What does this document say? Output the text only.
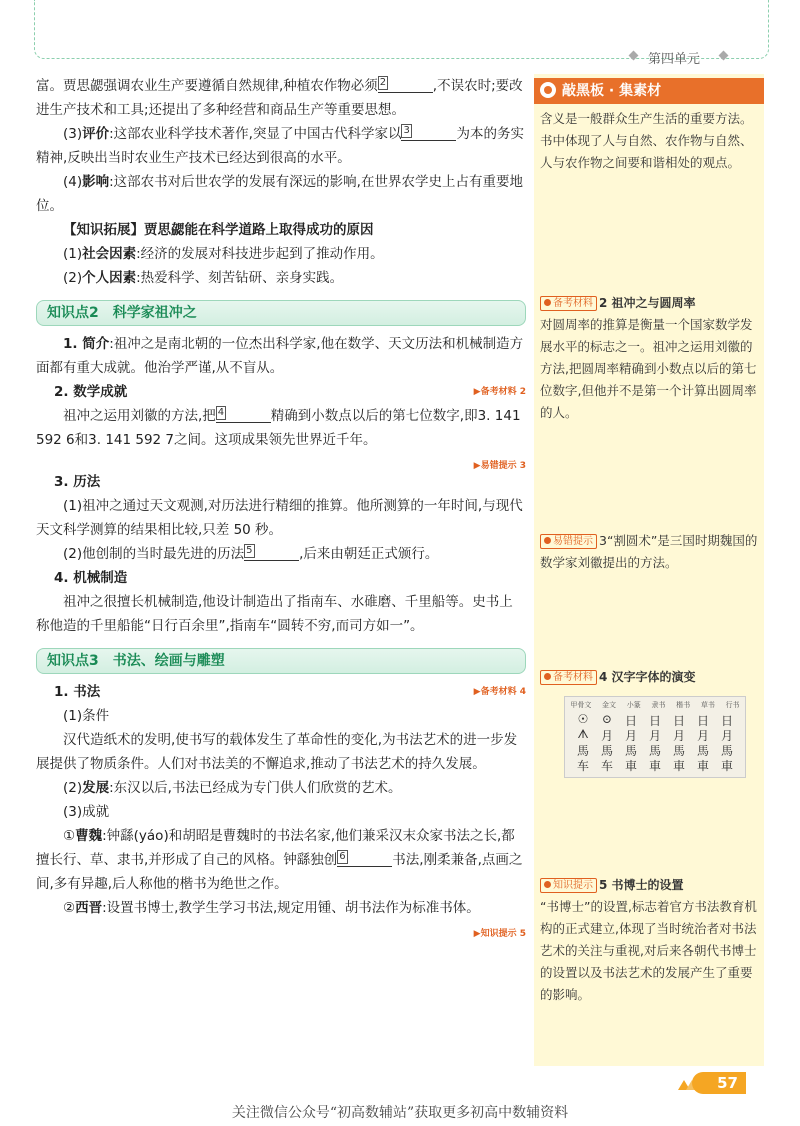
第四单元

富。贾思勰强调农业生产要遵循自然规律,种植农作物必须 2	,不误农时;要改进生产技术和工具;还提出了多种经营和商品生产等重要思想。

(3)评价:这部农业科学技术著作,突显了中国古代科学家以 3	为本的务实精神,反映出当时农业生产技术已经达到很高的水平。

(4)影响:这部农书对后世农学的发展有深远的影响,在世界农学史上占有重要地位。

【知识拓展】贾思勰能在科学道路上取得成功的原因

(1)社会因素:经济的发展对科技进步起到了推动作用。

(2)个人因素:热爱科学、刻苦钻研、亲身实践。

知识点2　科学家祖冲之

1. 简介:祖冲之是南北朝的一位杰出科学家,他在数学、天文历法和机械制造方面都有重大成就。他治学严谨,从不盲从。

2. 数学成就	▶备考材料 2

祖冲之运用刘徽的方法,把 4	精确到小数点以后的第七位数字,即3. 141 592 6和3. 141 592 7之间。这项成果领先世界近千年。

▶易错提示 3

3. 历法

(1)祖冲之通过天文观测,对历法进行精细的推算。他所测算的一年时间,与现代天文科学测算的结果相比较,只差 50 秒。

(2)他创制的当时最先进的历法 5	,后来由朝廷正式颁行。

4. 机械制造

祖冲之很擅长机械制造,他设计制造出了指南车、水碓磨、千里船等。史书上称他造的千里船能“日行百余里”,指南车“圆转不穷,而司方如一”。

知识点3　书法、绘画与雕塑

1. 书法	▶备考材料 4

(1)条件

汉代造纸术的发明,使书写的载体发生了革命性的变化,为书法艺术的进一步发展提供了物质条件。人们对书法美的不懈追求,推动了书法艺术的持久发展。

(2)发展:东汉以后,书法已经成为专门供人们欣赏的艺术。

(3)成就

①曹魏:钟繇(yáo)和胡昭是曹魏时的书法名家,他们兼采汉末众家书法之长,都擅长行、草、隶书,并形成了自己的风格。钟繇独创 6	书法,刚柔兼备,点画之间,多有异趣,后人称他的楷书为绝世之作。

②西晋:设置书博士,教学生学习书法,规定用锺、胡书法作为标准书体。

▶知识提示 5
敲黑板 · 集素材
含义是一般群众生产生活的重要方法。书中体现了人与自然、农作物与自然、人与农作物之间要和谐相处的观点。
备考材料 2 祖冲之与圆周率
对圆周率的推算是衡量一个国家数学发展水平的标志之一。祖冲之运用刘徽的方法,把圆周率精确到小数点以后的第七位数字,但他并不是第一个计算出圆周率的人。
易错提示 3“割圆术”是三国时期魏国的数学家刘徽提出的方法。
备考材料 4 汉字字体的演变
甲骨文 金文 小篆 隶书 楷书 草书 行书
☉	⊙	日 日 日 日 日
ᗑ	月 月 月 月 月 月
馬 馬 馬 馬 馬 馬 馬
车 车 車 車 車 車 車
知识提示 5 书博士的设置
“书博士”的设置,标志着官方书法教育机构的正式建立,体现了当时统治者对书法艺术的关注与重视,对后来各朝代书博士的设置以及书法艺术的发展产生了重要的影响。
57
关注微信公众号“初高数辅站”获取更多初高中数辅资料
